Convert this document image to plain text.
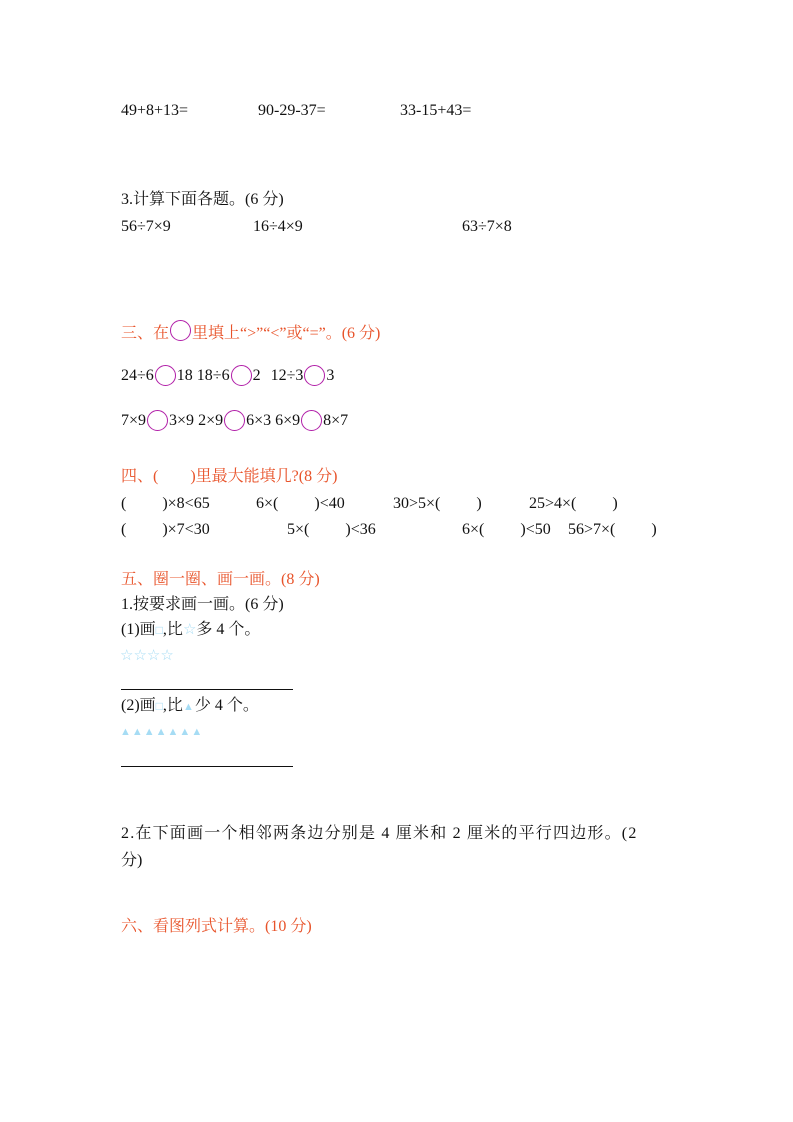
49+8+13=	90-29-37=	33-15+43=
3.计算下面各题。(6 分)
56÷7×9	16÷4×9	63÷7×8
三、在 里填上“>”“<”或“=”。(6 分)
24÷6 18 18÷6 2 12÷3 3
7×9 3×9 2×9 6×3 6×9 8×7
四、(　　)里最大能填几?(8 分)
( )×8<65	6×( )<40	30>5×( )	25>4×( )
( )×7<30	5×( )<36	6×( )<50 56>7×( )
五、圈一圈、画一画。(8 分)
1.按要求画一画。(6 分)
(1)画□,比☆多 4 个。
☆☆☆☆
(2)画□,比▲少 4 个。
▲▲▲▲▲▲▲
2.在下面画一个相邻两条边分别是 4 厘米和 2 厘米的平行四边形。(2
分)
六、看图列式计算。(10 分)
